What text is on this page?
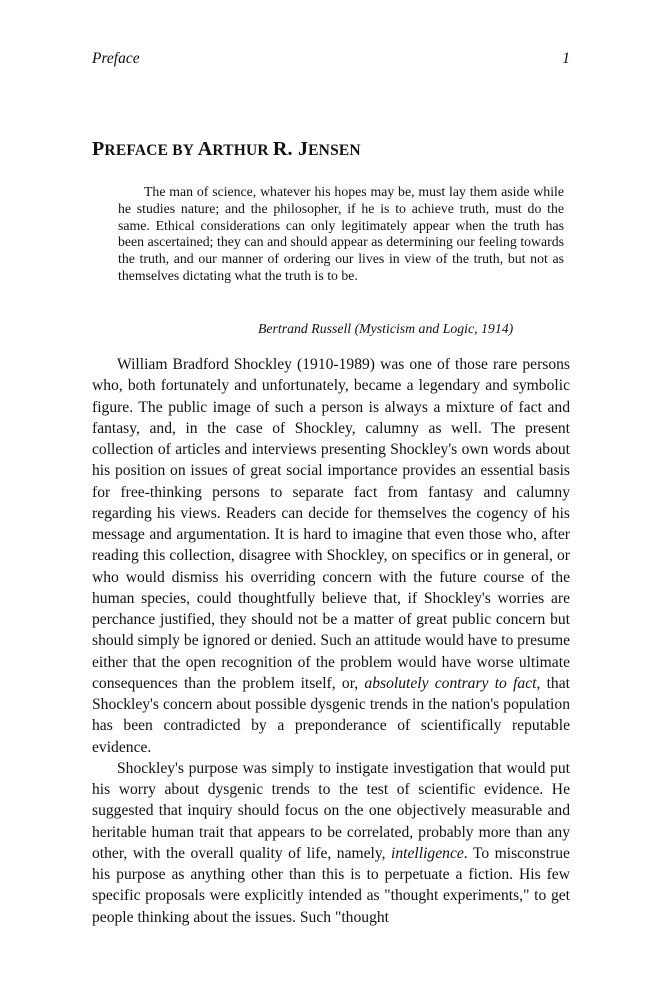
Preface	1
PREFACE BY ARTHUR R. JENSEN

The man of science, whatever his hopes may be, must lay them aside while he studies nature; and the philosopher, if he is to achieve truth, must do the same. Ethical considerations can only legitimately appear when the truth has been ascertained; they can and should appear as determining our feeling towards the truth, and our manner of ordering our lives in view of the truth, but not as themselves dictating what the truth is to be.

Bertrand Russell (Mysticism and Logic, 1914)

William Bradford Shockley (1910-1989) was one of those rare persons who, both fortunately and unfortunately, became a legendary and symbolic figure. The public image of such a person is always a mixture of fact and fantasy, and, in the case of Shockley, calumny as well. The present collection of articles and interviews presenting Shockley's own words about his position on issues of great social importance provides an essential basis for free-thinking persons to separate fact from fantasy and calumny regarding his views. Readers can decide for themselves the cogency of his message and argumentation. It is hard to imagine that even those who, after reading this collection, disagree with Shockley, on specifics or in general, or who would dismiss his overriding concern with the future course of the human species, could thoughtfully believe that, if Shockley's worries are perchance justified, they should not be a matter of great public concern but should simply be ignored or denied. Such an attitude would have to presume either that the open recognition of the problem would have worse ultimate consequences than the problem itself, or, absolutely contrary to fact, that Shockley's concern about possible dysgenic trends in the nation's population has been contradicted by a preponderance of scientifically reputable evidence.

Shockley's purpose was simply to instigate investigation that would put his worry about dysgenic trends to the test of scientific evidence. He suggested that inquiry should focus on the one objectively measurable and heritable human trait that appears to be correlated, probably more than any other, with the overall quality of life, namely, intelligence. To misconstrue his purpose as anything other than this is to perpetuate a fiction. His few specific proposals were explicitly intended as "thought experiments," to get people thinking about the issues. Such "thought
